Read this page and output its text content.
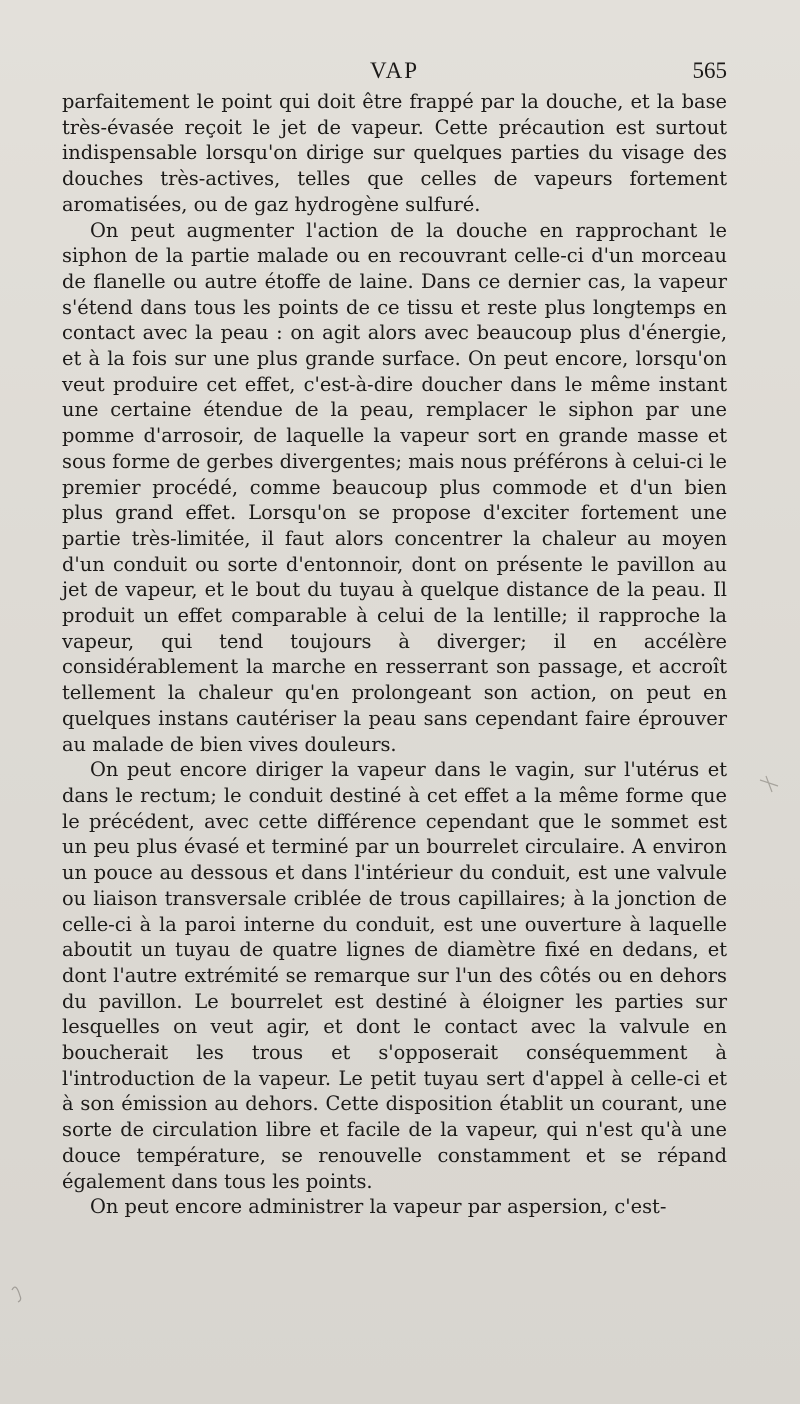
VAP	565

parfaitement le point qui doit être frappé par la douche, et la base très-évasée reçoit le jet de vapeur. Cette précaution est surtout indispensable lorsqu'on dirige sur quelques parties du visage des douches très-actives, telles que celles de vapeurs fortement aromatisées, ou de gaz hydrogène sulfuré.

On peut augmenter l'action de la douche en rapprochant le siphon de la partie malade ou en recouvrant celle-ci d'un morceau de flanelle ou autre étoffe de laine. Dans ce dernier cas, la vapeur s'étend dans tous les points de ce tissu et reste plus longtemps en contact avec la peau : on agit alors avec beaucoup plus d'énergie, et à la fois sur une plus grande surface. On peut encore, lorsqu'on veut produire cet effet, c'est-à-dire doucher dans le même instant une certaine étendue de la peau, remplacer le siphon par une pomme d'arrosoir, de laquelle la vapeur sort en grande masse et sous forme de gerbes divergentes; mais nous préférons à celui-ci le premier procédé, comme beaucoup plus commode et d'un bien plus grand effet. Lorsqu'on se propose d'exciter fortement une partie très-limitée, il faut alors concentrer la chaleur au moyen d'un conduit ou sorte d'entonnoir, dont on présente le pavillon au jet de vapeur, et le bout du tuyau à quelque distance de la peau. Il produit un effet comparable à celui de la lentille; il rapproche la vapeur, qui tend toujours à diverger; il en accélère considérablement la marche en resserrant son passage, et accroît tellement la chaleur qu'en prolongeant son action, on peut en quelques instans cautériser la peau sans cependant faire éprouver au malade de bien vives douleurs.

On peut encore diriger la vapeur dans le vagin, sur l'utérus et dans le rectum; le conduit destiné à cet effet a la même forme que le précédent, avec cette différence cependant que le sommet est un peu plus évasé et terminé par un bourrelet circulaire. A environ un pouce au dessous et dans l'intérieur du conduit, est une valvule ou liaison transversale criblée de trous capillaires; à la jonction de celle-ci à la paroi interne du conduit, est une ouverture à laquelle aboutit un tuyau de quatre lignes de diamètre fixé en dedans, et dont l'autre extrémité se remarque sur l'un des côtés ou en dehors du pavillon. Le bourrelet est destiné à éloigner les parties sur lesquelles on veut agir, et dont le contact avec la valvule en boucherait les trous et s'opposerait conséquemment à l'introduction de la vapeur. Le petit tuyau sert d'appel à celle-ci et à son émission au dehors. Cette disposition établit un courant, une sorte de circulation libre et facile de la vapeur, qui n'est qu'à une douce température, se renouvelle constamment et se répand également dans tous les points.

On peut encore administrer la vapeur par aspersion, c'est-
